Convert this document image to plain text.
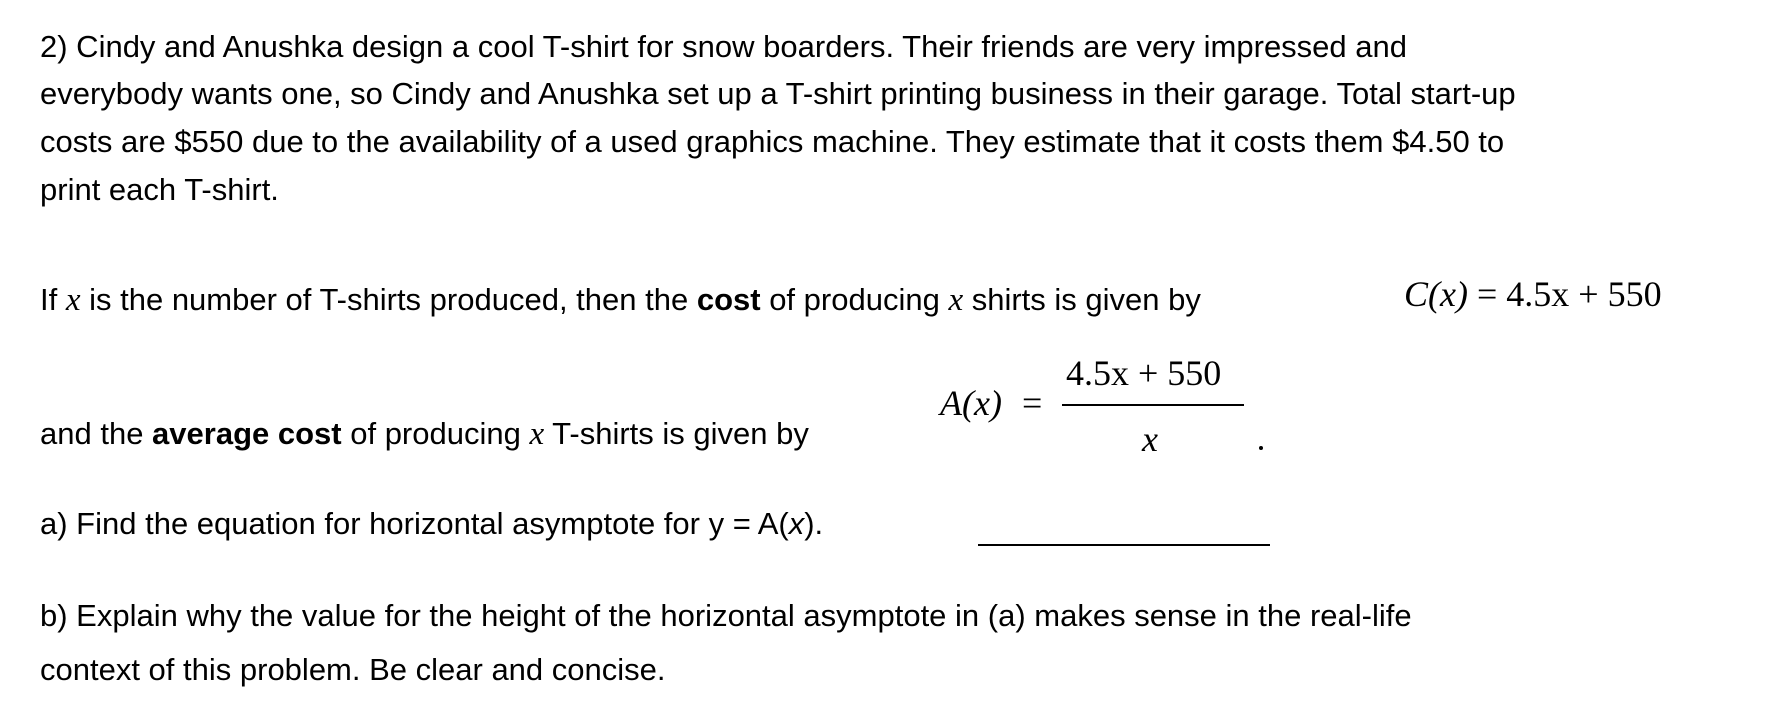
2) Cindy and Anushka design a cool T-shirt for snow boarders. Their friends are very impressed and
everybody wants one, so Cindy and Anushka set up a T-shirt printing business in their garage. Total start-up
costs are $550 due to the availability of a used graphics machine. They estimate that it costs them $4.50 to
print each T-shirt.
If x is the number of T-shirts produced, then the cost of producing x shirts is given by	C(x) = 4.5x + 550
and the average cost of producing x T-shirts is given by
A(x) =
4.5x + 550
x
a) Find the equation for horizontal asymptote for y = A(x).
b) Explain why the value for the height of the horizontal asymptote in (a) makes sense in the real-life
context of this problem. Be clear and concise.
